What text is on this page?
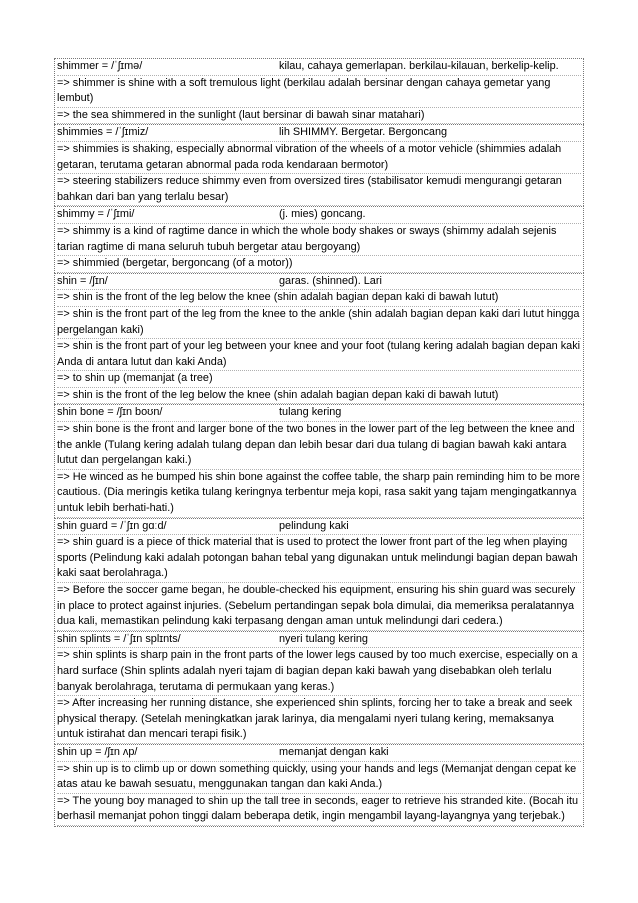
shimmer = /ˈʃɪmə/	kilau, cahaya gemerlapan. berkilau-kilauan, berkelip-kelip.
=> shimmer is shine with a soft tremulous light (berkilau adalah bersinar dengan cahaya gemetar yang lembut)
=> the sea shimmered in the sunlight (laut bersinar di bawah sinar matahari)
shimmies = /ˈʃɪmiz/	lih SHIMMY. Bergetar. Bergoncang
=> shimmies is shaking, especially abnormal vibration of the wheels of a motor vehicle (shimmies adalah getaran, terutama getaran abnormal pada roda kendaraan bermotor)
=> steering stabilizers reduce shimmy even from oversized tires (stabilisator kemudi mengurangi getaran bahkan dari ban yang terlalu besar)
shimmy = /ˈʃɪmi/	(j. mies) goncang.
=> shimmy is a kind of ragtime dance in which the whole body shakes or sways (shimmy adalah sejenis tarian ragtime di mana seluruh tubuh bergetar atau bergoyang)
=> shimmied (bergetar, bergoncang (of a motor))
shin = /ʃɪn/	garas. (shinned). Lari
=> shin is the front of the leg below the knee (shin adalah bagian depan kaki di bawah lutut)
=> shin is the front part of the leg from the knee to the ankle (shin adalah bagian depan kaki dari lutut hingga pergelangan kaki)
=> shin is the front part of your leg between your knee and your foot (tulang kering adalah bagian depan kaki Anda di antara lutut dan kaki Anda)
=> to shin up (memanjat (a tree)
=> shin is the front of the leg below the knee (shin adalah bagian depan kaki di bawah lutut)
shin bone = /ʃɪn boʊn/	tulang kering
=> shin bone is the front and larger bone of the two bones in the lower part of the leg between the knee and the ankle (Tulang kering adalah tulang depan dan lebih besar dari dua tulang di bagian bawah kaki antara lutut dan pergelangan kaki.)
=> He winced as he bumped his shin bone against the coffee table, the sharp pain reminding him to be more cautious. (Dia meringis ketika tulang keringnya terbentur meja kopi, rasa sakit yang tajam mengingatkannya untuk lebih berhati-hati.)
shin guard = /ˈʃɪn ɡɑːd/	pelindung kaki
=> shin guard is a piece of thick material that is used to protect the lower front part of the leg when playing sports (Pelindung kaki adalah potongan bahan tebal yang digunakan untuk melindungi bagian depan bawah kaki saat berolahraga.)
=> Before the soccer game began, he double-checked his equipment, ensuring his shin guard was securely in place to protect against injuries. (Sebelum pertandingan sepak bola dimulai, dia memeriksa peralatannya dua kali, memastikan pelindung kaki terpasang dengan aman untuk melindungi dari cedera.)
shin splints = /ˈʃɪn splɪnts/	nyeri tulang kering
=> shin splints is sharp pain in the front parts of the lower legs caused by too much exercise, especially on a hard surface (Shin splints adalah nyeri tajam di bagian depan kaki bawah yang disebabkan oleh terlalu banyak berolahraga, terutama di permukaan yang keras.)
=> After increasing her running distance, she experienced shin splints, forcing her to take a break and seek physical therapy. (Setelah meningkatkan jarak larinya, dia mengalami nyeri tulang kering, memaksanya untuk istirahat dan mencari terapi fisik.)
shin up = /ʃɪn ʌp/	memanjat dengan kaki
=> shin up is to climb up or down something quickly, using your hands and legs (Memanjat dengan cepat ke atas atau ke bawah sesuatu, menggunakan tangan dan kaki Anda.)
=> The young boy managed to shin up the tall tree in seconds, eager to retrieve his stranded kite. (Bocah itu berhasil memanjat pohon tinggi dalam beberapa detik, ingin mengambil layang-layangnya yang terjebak.)
